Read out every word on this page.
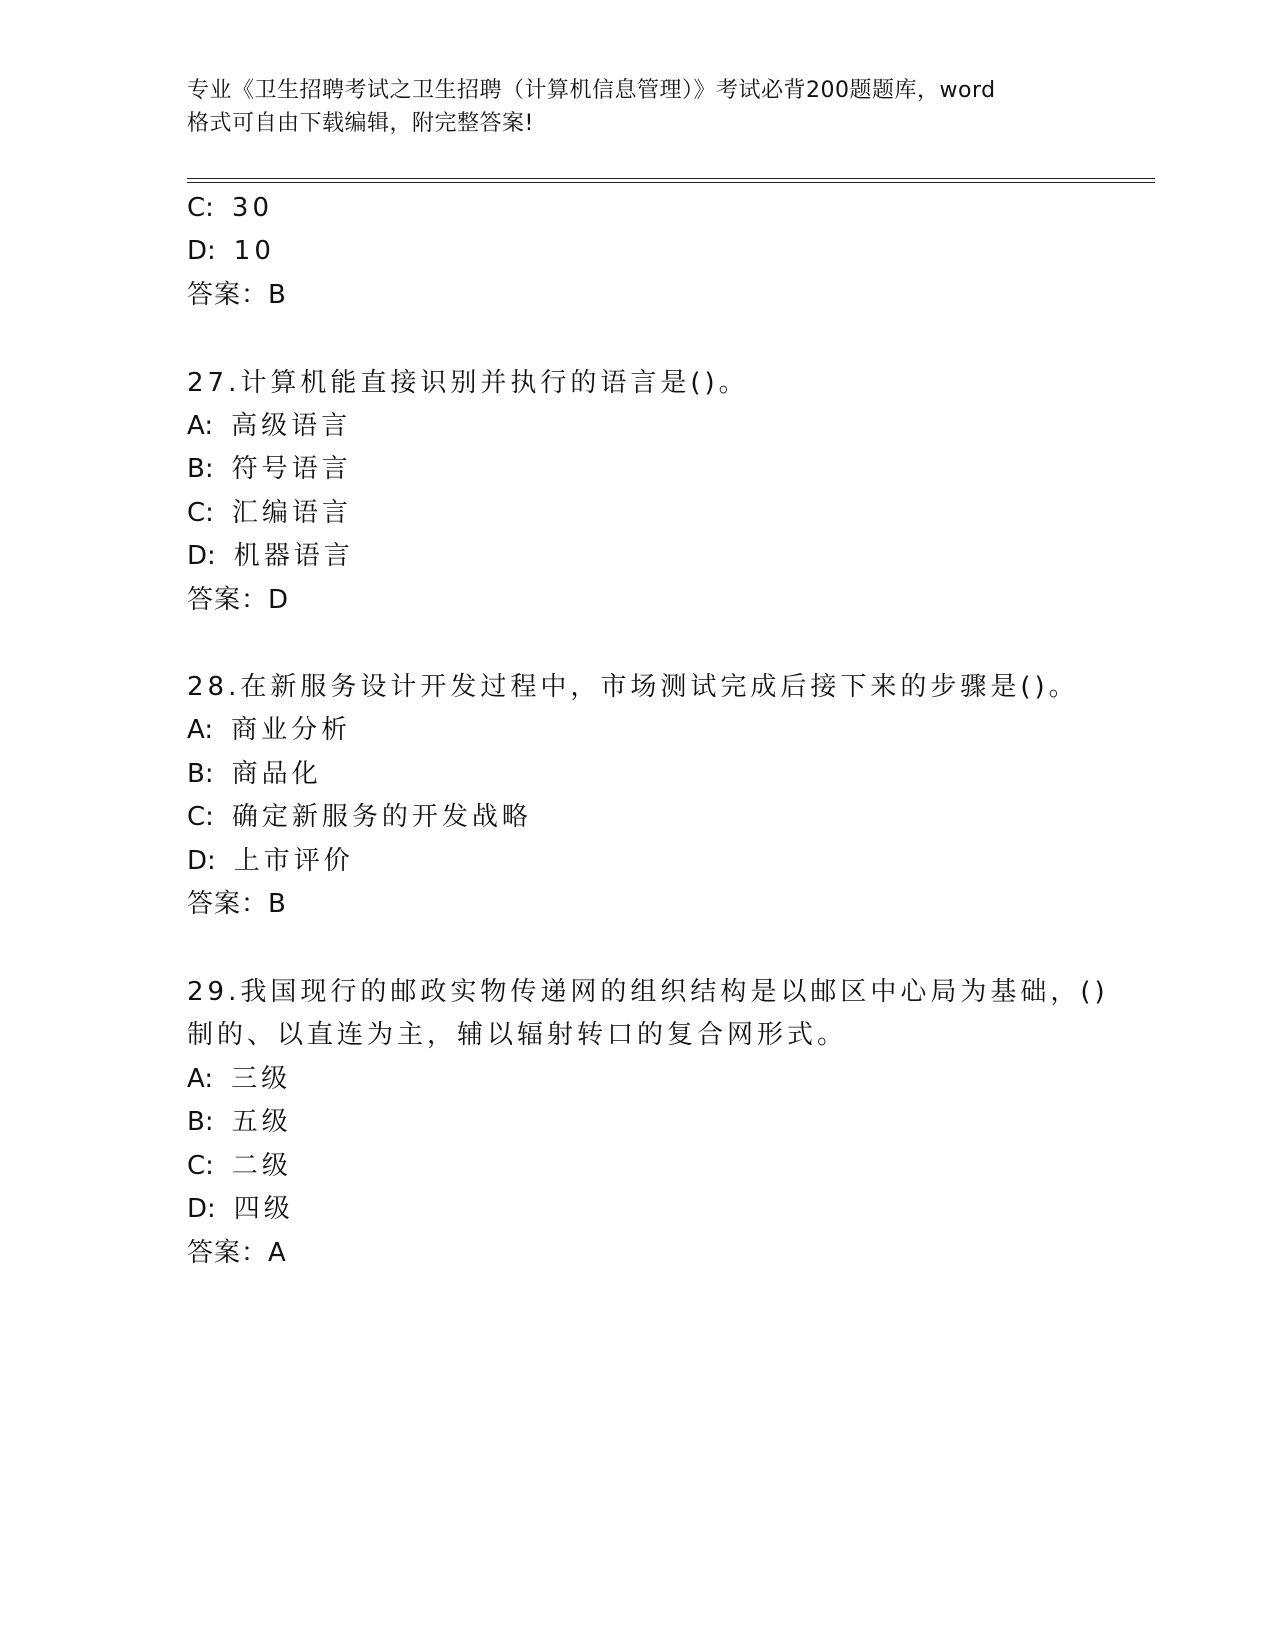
专业《卫生招聘考试之卫生招聘（计算机信息管理）》考试必背200题题库，word
格式可自由下载编辑，附完整答案!
C: 30
D: 10
答案：B
27.计算机能直接识别并执行的语言是()。
A: 高级语言
B: 符号语言
C: 汇编语言
D: 机器语言
答案：D
28.在新服务设计开发过程中，市场测试完成后接下来的步骤是()。
A: 商业分析
B: 商品化
C: 确定新服务的开发战略
D: 上市评价
答案：B
29.我国现行的邮政实物传递网的组织结构是以邮区中心局为基础，()
制的、以直连为主，辅以辐射转口的复合网形式。
A: 三级
B: 五级
C: 二级
D: 四级
答案：A
